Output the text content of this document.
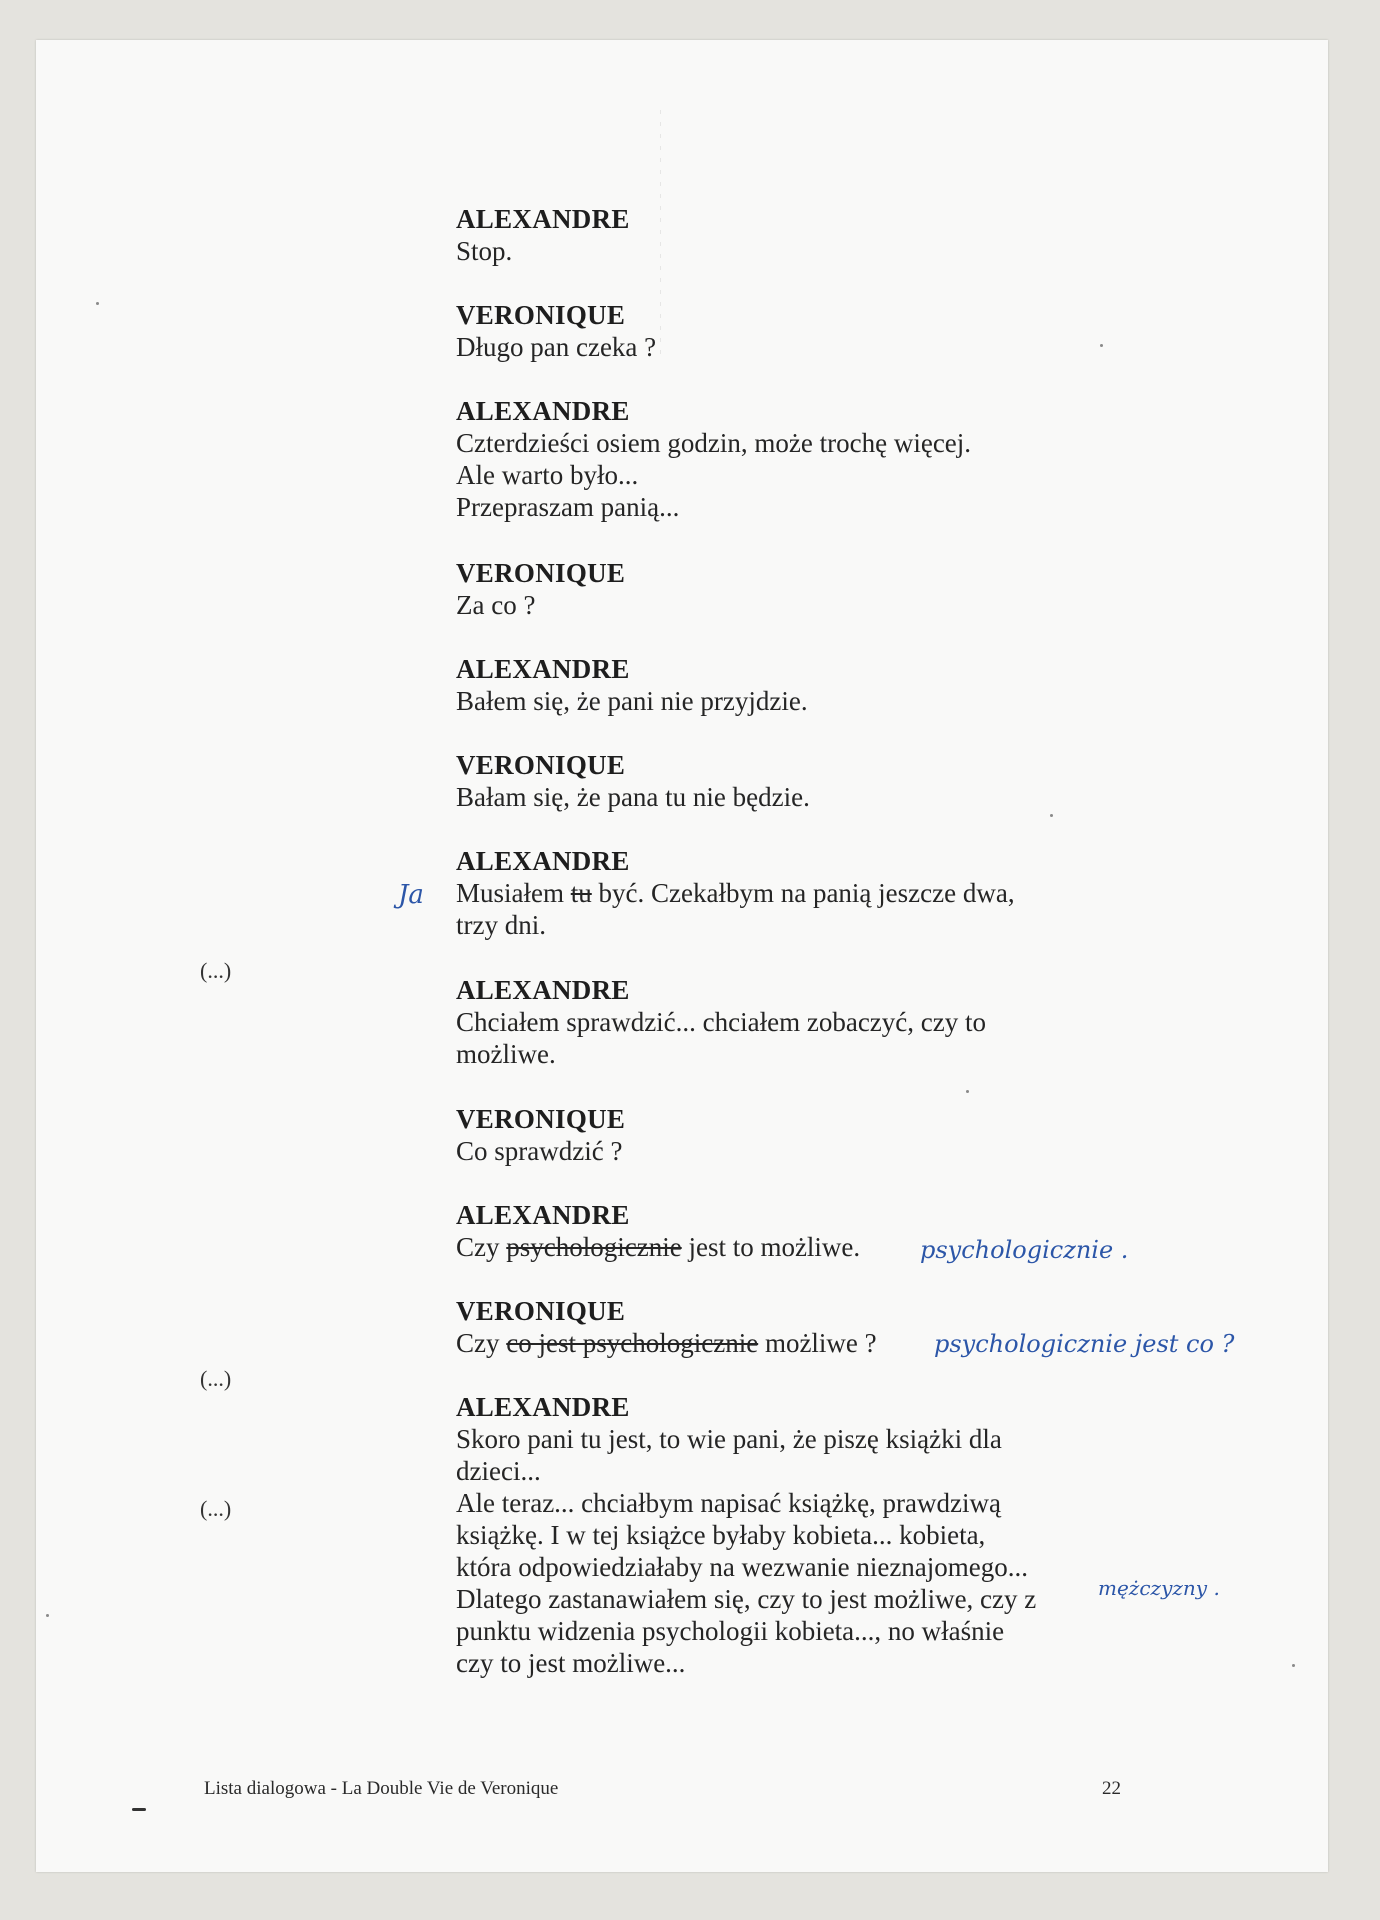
ALEXANDRE
Stop.
VERONIQUE
Długo pan czeka ?
ALEXANDRE
Czterdzieści osiem godzin, może trochę więcej.
Ale warto było...
Przepraszam panią...
VERONIQUE
Za co ?
ALEXANDRE
Bałem się, że pani nie przyjdzie.
VERONIQUE
Bałam się, że pana tu nie będzie.
ALEXANDRE
Musiałem tu być. Czekałbym na panią jeszcze dwa,
trzy dni.
ALEXANDRE
Chciałem sprawdzić... chciałem zobaczyć, czy to
możliwe.
VERONIQUE
Co sprawdzić ?
ALEXANDRE
Czy psychologicznie jest to możliwe.
VERONIQUE
Czy co jest psychologicznie możliwe ?
ALEXANDRE
Skoro pani tu jest, to wie pani, że piszę książki dla
dzieci...
Ale teraz... chciałbym napisać książkę, prawdziwą
książkę. I w tej książce byłaby kobieta... kobieta,
która odpowiedziałaby na wezwanie nieznajomego...
Dlatego zastanawiałem się, czy to jest możliwe, czy z
punktu widzenia psychologii kobieta..., no właśnie
czy to jest możliwe...
(...)
(...)
(...)
Ja
psychologicznie .
psychologicznie jest co ?
mężczyzny .
Lista dialogowa - La Double Vie de Veronique	22
